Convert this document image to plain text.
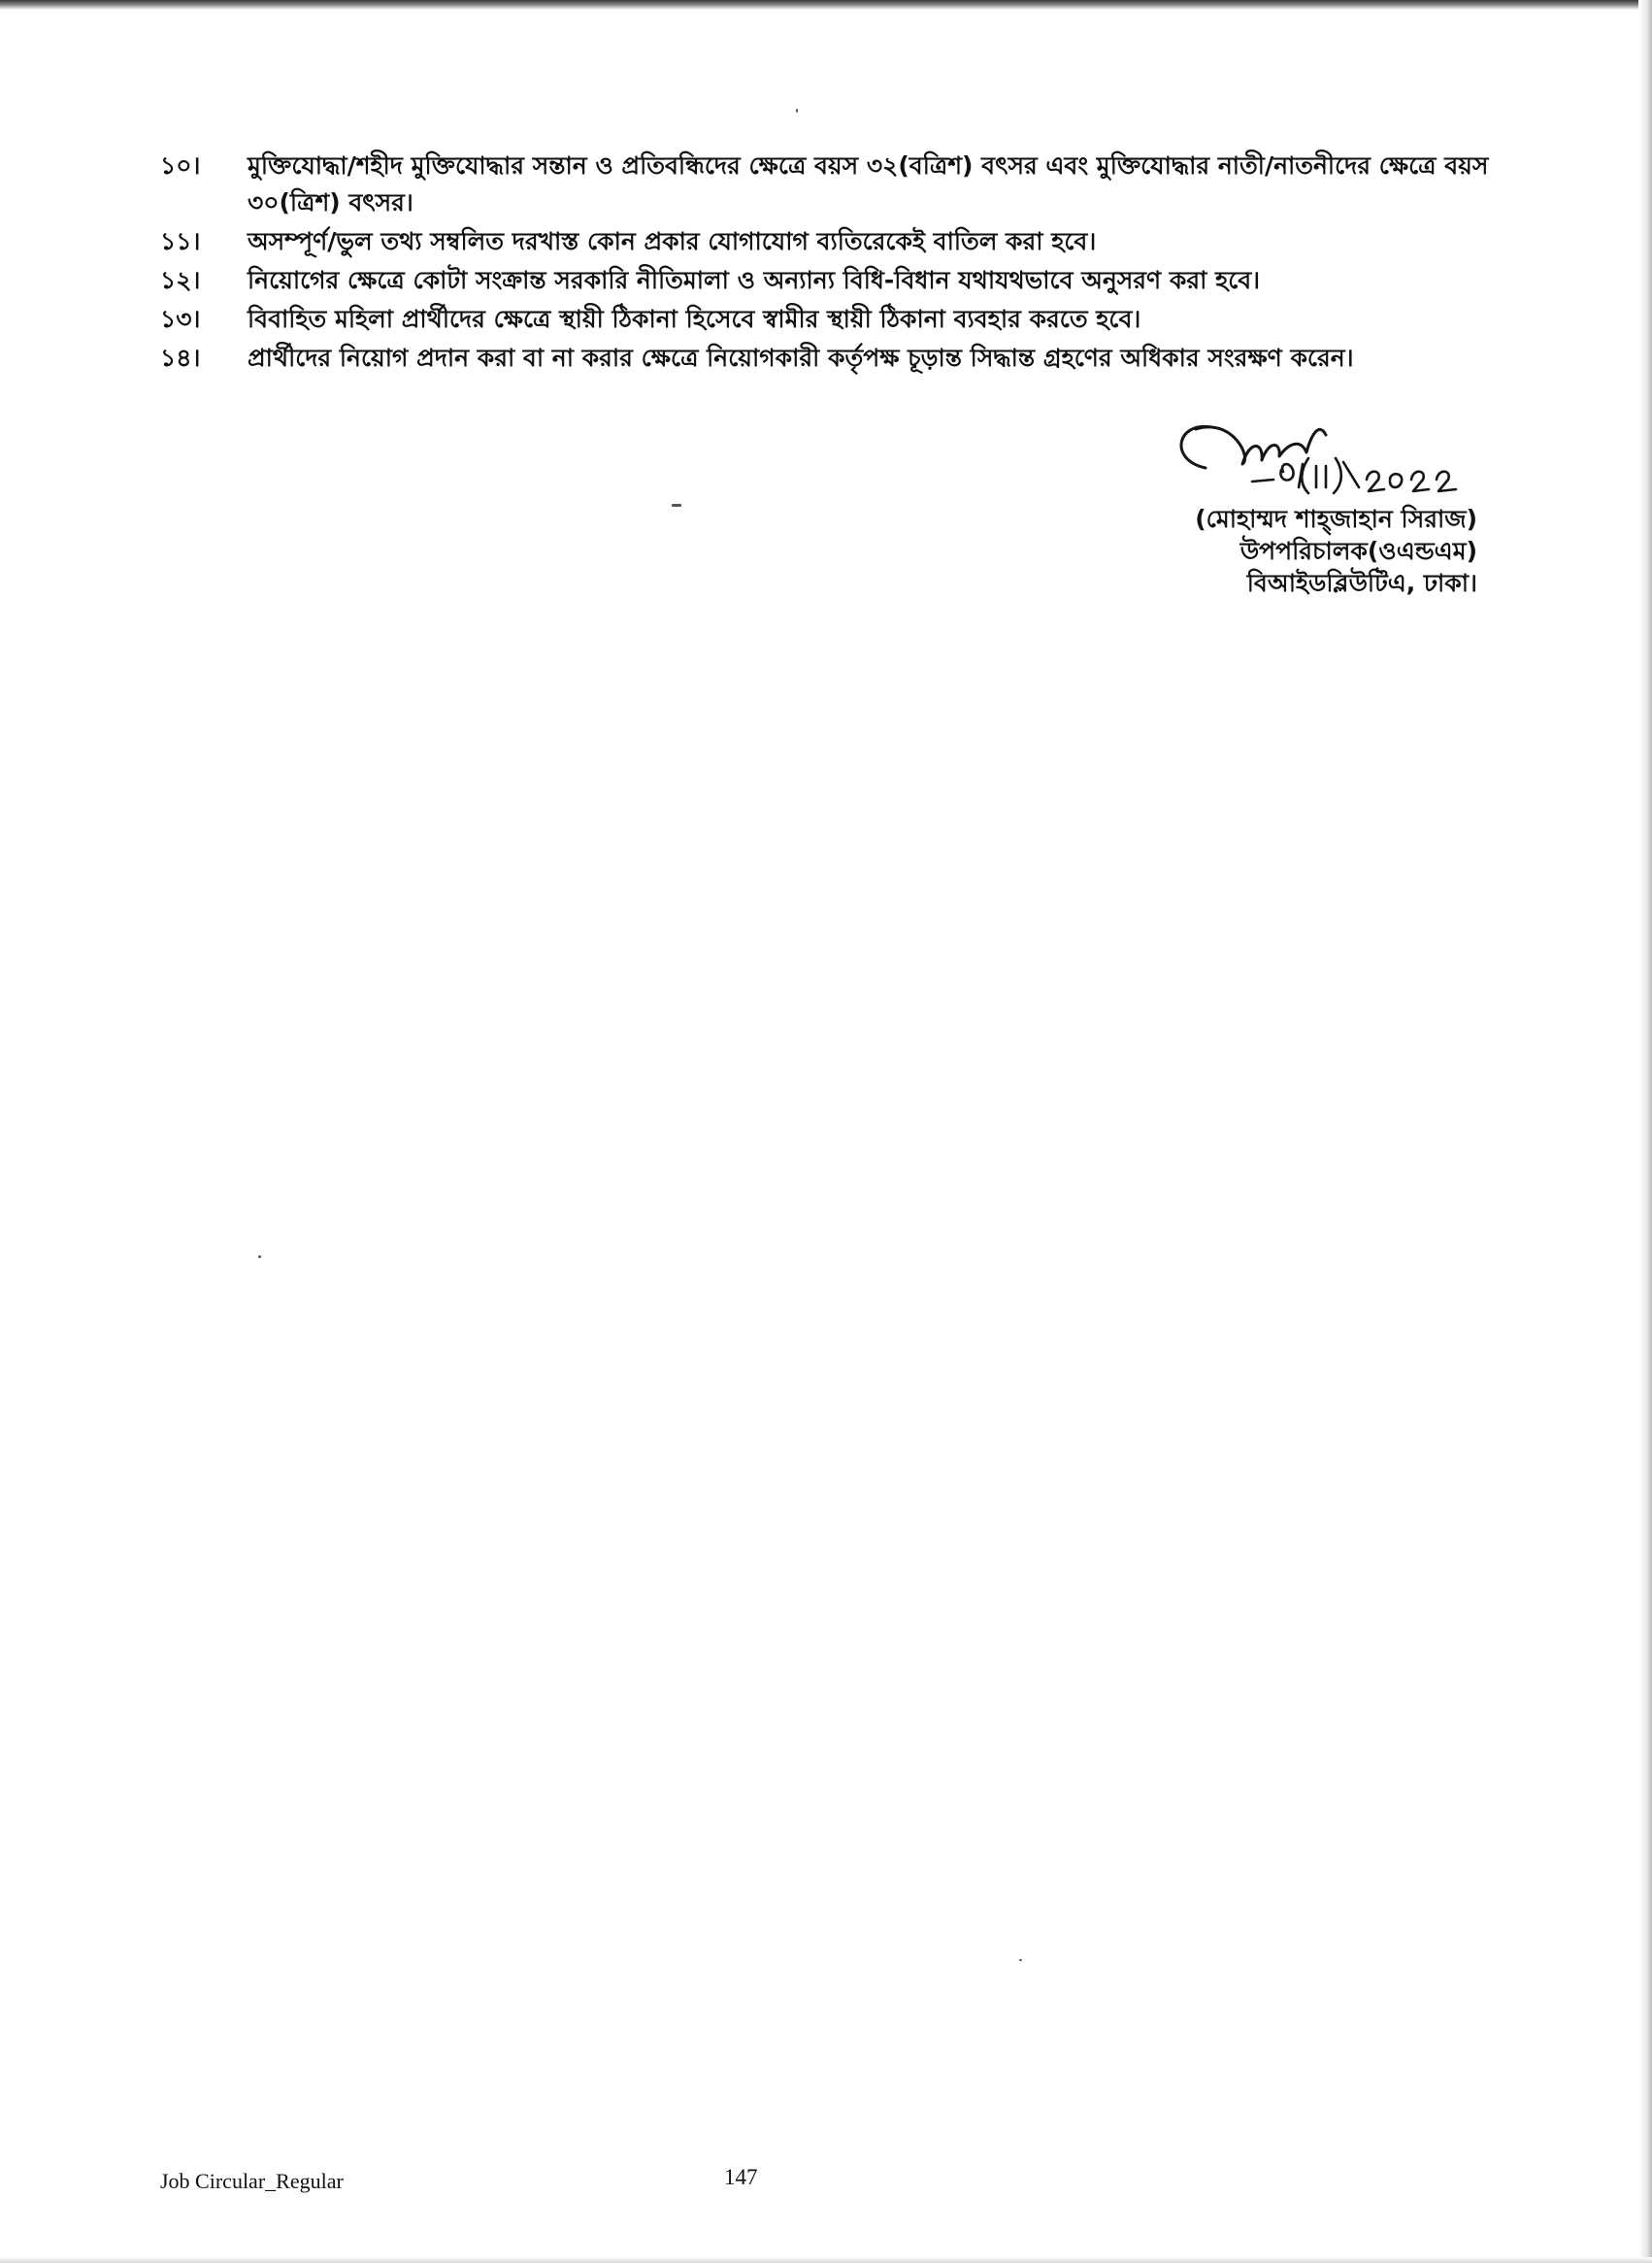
১০।	মুক্তিযোদ্ধা/শহীদ মুক্তিযোদ্ধার সন্তান ও প্রতিবন্ধিদের ক্ষেত্রে বয়স ৩২(বত্রিশ) বৎসর এবং মুক্তিযোদ্ধার নাতী/নাতনীদের ক্ষেত্রে বয়স ৩০(ত্রিশ) বৎসর।
১১।	অসম্পূর্ণ/ভুল তথ্য সম্বলিত দরখাস্ত কোন প্রকার যোগাযোগ ব্যতিরেকেই বাতিল করা হবে।
১২।	নিয়োগের ক্ষেত্রে কোটা সংক্রান্ত সরকারি নীতিমালা ও অন্যান্য বিধি-বিধান যথাযথভাবে অনুসরণ করা হবে।
১৩।	বিবাহিত মহিলা প্রার্থীদের ক্ষেত্রে স্থায়ী ঠিকানা হিসেবে স্বামীর স্থায়ী ঠিকানা ব্যবহার করতে হবে।
১৪।	প্রার্থীদের নিয়োগ প্রদান করা বা না করার ক্ষেত্রে নিয়োগকারী কর্তৃপক্ষ চূড়ান্ত সিদ্ধান্ত গ্রহণের অধিকার সংরক্ষণ করেন।
(মোহাম্মদ শাহ্জাহান সিরাজ)
উপপরিচালক(ওএন্ডএম)
বিআইডব্লিউটিএ, ঢাকা।
Job Circular_Regular	147
